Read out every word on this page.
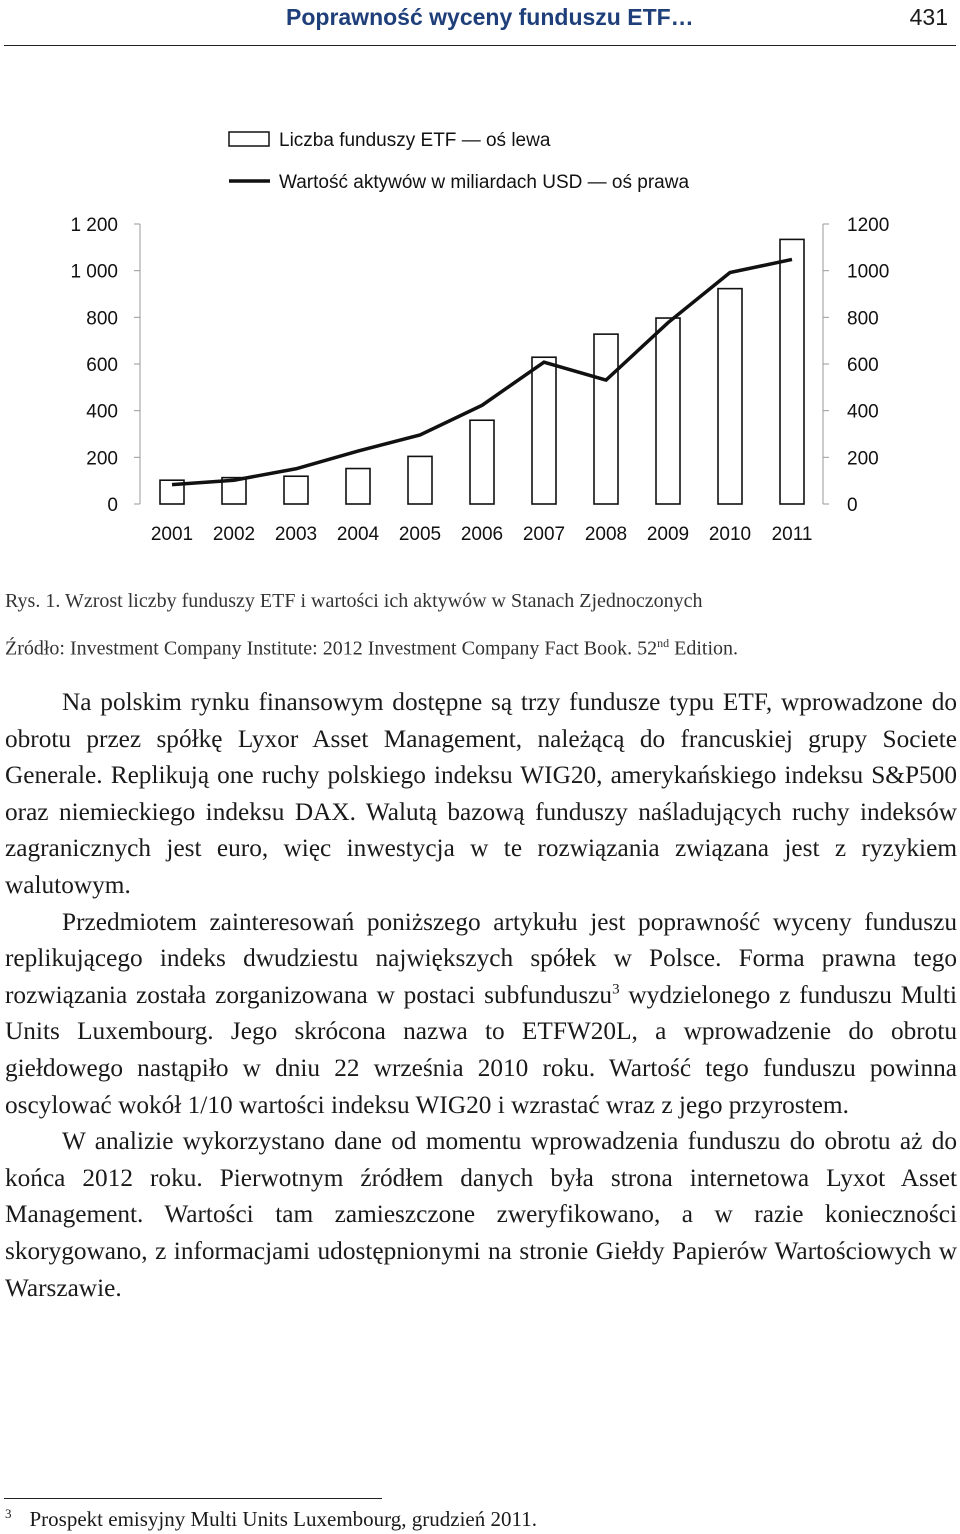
Poprawność wyceny funduszu ETF…	431
Liczba funduszy ETF — oś lewa
Wartość aktywów w miliardach USD — oś prawa
2001 2002 2003 2004 2005 2006 2007 2008 2009 2010 2011
1 200
1 000
800
600
400
200
0
1200
1000
800
600
400
200
0
Rys. 1. Wzrost liczby funduszy ETF i wartości ich aktywów w Stanach Zjednoczonych
Źródło: Investment Company Institute: 2012 Investment Company Fact Book. 52nd Edition.

Na polskim rynku finansowym dostępne są trzy fundusze typu ETF, wprowadzone do obrotu przez spółkę Lyxor Asset Management, należącą do francuskiej grupy Societe Generale. Replikują one ruchy polskiego indeksu WIG20, amerykańskiego indeksu S&P500 oraz niemieckiego indeksu DAX. Walutą bazową funduszy naśladujących ruchy indeksów zagranicznych jest euro, więc inwestycja w te rozwiązania związana jest z ryzykiem walutowym.

Przedmiotem zainteresowań poniższego artykułu jest poprawność wyceny funduszu replikującego indeks dwudziestu największych spółek w Polsce. Forma prawna tego rozwiązania została zorganizowana w postaci subfunduszu$^3$ wydzielonego z funduszu Multi Units Luxembourg. Jego skrócona nazwa to ETFW20L, a wprowadzenie do obrotu giełdowego nastąpiło w dniu 22 września 2010 roku. Wartość tego funduszu powinna oscylować wokół 1/10 wartości indeksu WIG20 i wzrastać wraz z jego przyrostem.

W analizie wykorzystano dane od momentu wprowadzenia funduszu do obrotu aż do końca 2012 roku. Pierwotnym źródłem danych była strona internetowa Lyxot Asset Management. Wartości tam zamieszczone zweryfikowano, a w razie konieczności skorygowano, z informacjami udostępnionymi na stronie Giełdy Papierów Wartościowych w Warszawie.

$^3$ Prospekt emisyjny Multi Units Luxembourg, grudzień 2011.
